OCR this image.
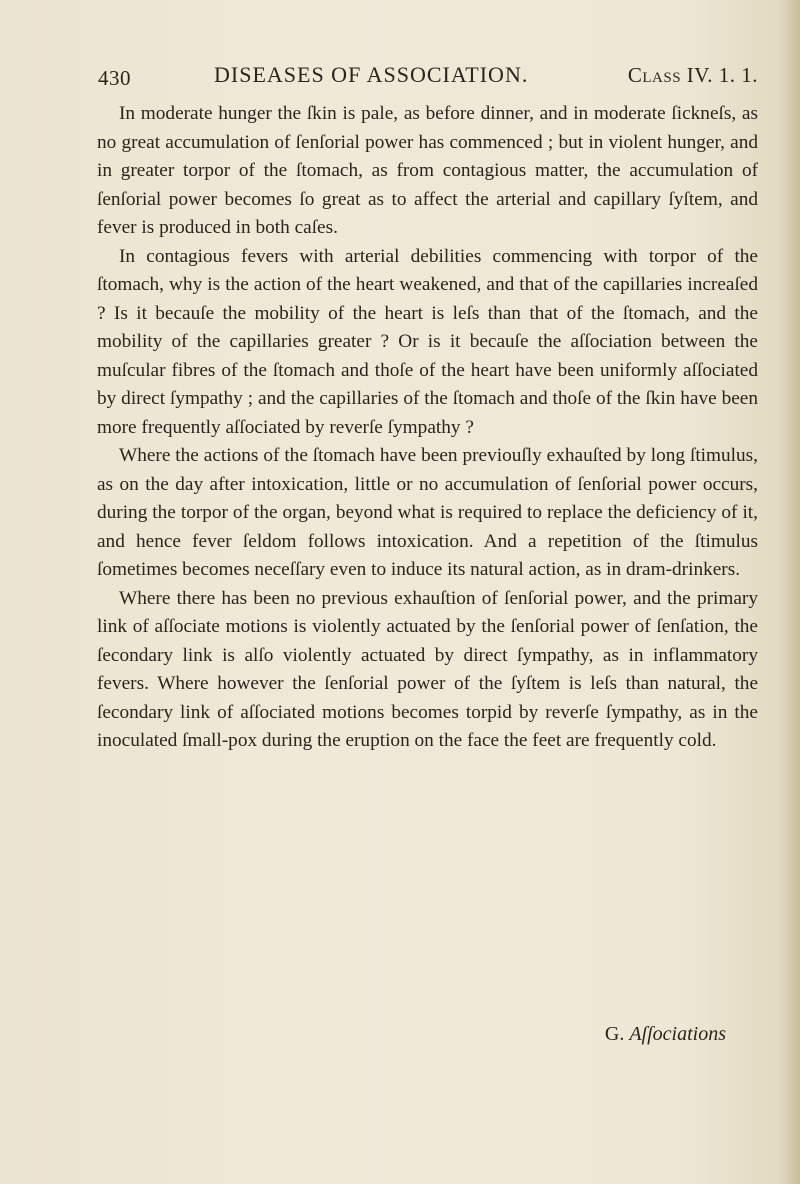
430	DISEASES OF ASSOCIATION.	Class IV. 1. 1.

In moderate hunger the ſkin is pale, as before dinner, and in moderate ſickneſs, as no great accumulation of ſenſorial power has commenced ; but in violent hunger, and in greater torpor of the ſtomach, as from contagious matter, the accumulation of ſenſorial power becomes ſo great as to affect the arterial and capillary ſyſtem, and fever is produced in both caſes.

In contagious fevers with arterial debilities commencing with torpor of the ſtomach, why is the action of the heart weakened, and that of the capillaries increaſed ? Is it becauſe the mobility of the heart is leſs than that of the ſtomach, and the mobility of the capillaries greater ? Or is it becauſe the aſſociation between the muſcular fibres of the ſtomach and thoſe of the heart have been uniformly aſſociated by direct ſympathy ; and the capillaries of the ſtomach and thoſe of the ſkin have been more frequently aſſociated by reverſe ſympathy ?

Where the actions of the ſtomach have been previouſly exhauſted by long ſtimulus, as on the day after intoxication, little or no accumulation of ſenſorial power occurs, during the torpor of the organ, beyond what is required to replace the deficiency of it, and hence fever ſeldom follows intoxication. And a repetition of the ſtimulus ſometimes becomes neceſſary even to induce its natural action, as in dram-drinkers.

Where there has been no previous exhauſtion of ſenſorial power, and the primary link of aſſociate motions is violently actuated by the ſenſorial power of ſenſation, the ſecondary link is alſo violently actuated by direct ſympathy, as in inflammatory fevers. Where however the ſenſorial power of the ſyſtem is leſs than natural, the ſecondary link of aſſociated motions becomes torpid by reverſe ſympathy, as in the inoculated ſmall-pox during the eruption on the face the feet are frequently cold.

G. Aſſociations
